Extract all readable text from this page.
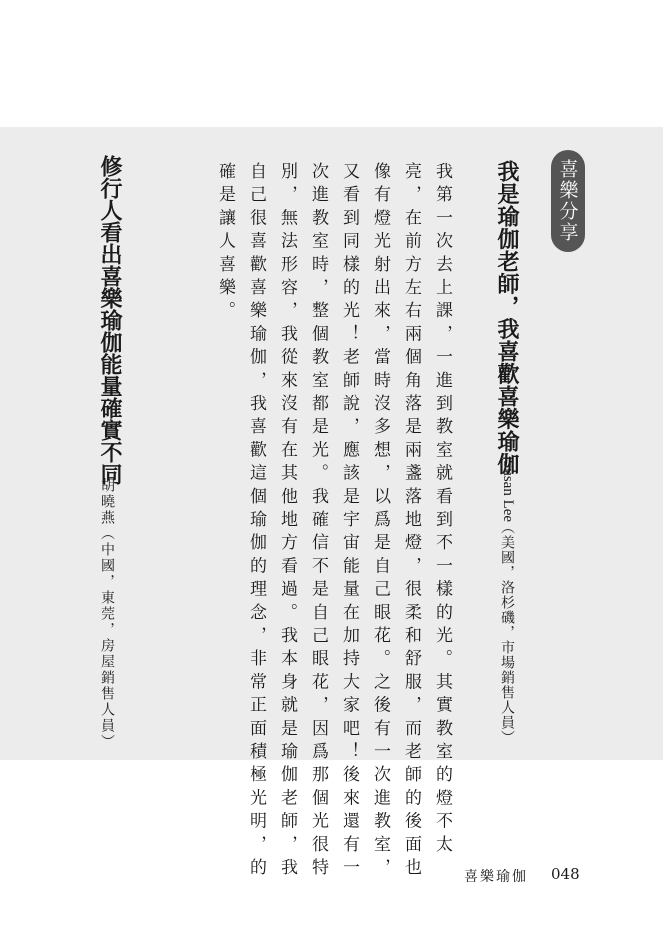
喜樂分享
我是瑜伽老師，我喜歡喜樂瑜伽
Susan Lee
（美國，洛杉磯，市場銷售人員）
我第一次去上課，一進到教室就看到不一樣的光。其實教室的燈不太
亮，在前方左右兩個角落是兩盞落地燈，很柔和舒服，而老師的後面也
像有燈光射出來，當時沒多想，以爲是自己眼花。之後有一次進教室，
又看到同樣的光！老師說，應該是宇宙能量在加持大家吧！後來還有一
次進教室時，整個教室都是光。我確信不是自己眼花，因爲那個光很特
別，無法形容，我從來沒有在其他地方看過。我本身就是瑜伽老師，我
自己很喜歡喜樂瑜伽，我喜歡這個瑜伽的理念，非常正面積極光明，的
確是讓人喜樂。
修行人看出喜樂瑜伽能量確實不同
胡曉燕（中國，東莞，房屋銷售人員）
喜樂瑜伽 048
